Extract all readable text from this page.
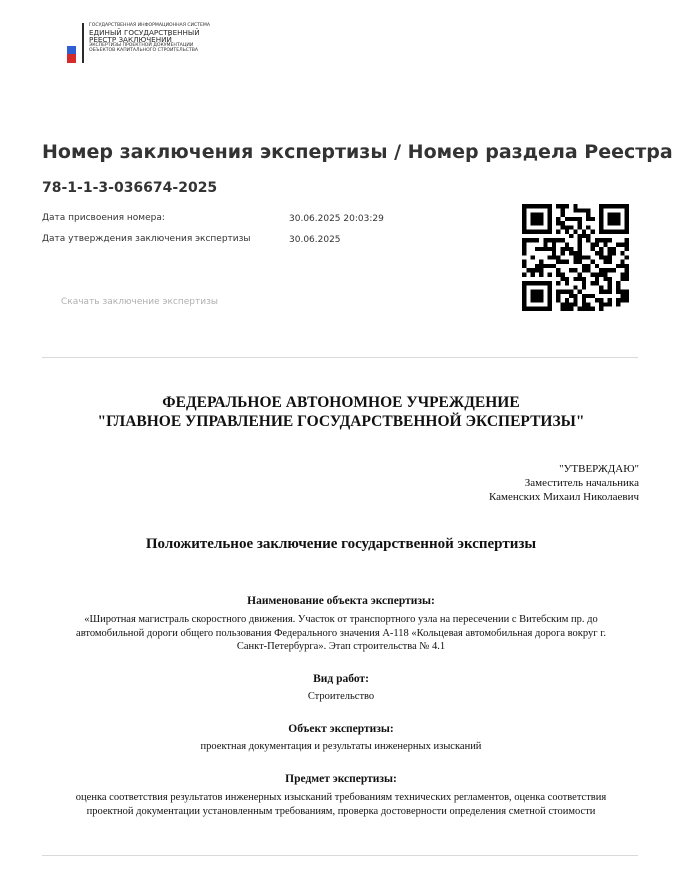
ГОСУДАРСТВЕННАЯ ИНФОРМАЦИОННАЯ СИСТЕМА
ЕДИНЫЙ ГОСУДАРСТВЕННЫЙ
РЕЕСТР ЗАКЛЮЧЕНИЙ
ЭКСПЕРТИЗЫ ПРОЕКТНОЙ ДОКУМЕНТАЦИИ
ОБЪЕКТОВ КАПИТАЛЬНОГО СТРОИТЕЛЬСТВА
Номер заключения экспертизы / Номер раздела Реестра
78-1-1-3-036674-2025
Дата присвоения номера:	30.06.2025 20:03:29
Дата утверждения заключения экспертизы	30.06.2025
Скачать заключение экспертизы
ФЕДЕРАЛЬНОЕ АВТОНОМНОЕ УЧРЕЖДЕНИЕ
"ГЛАВНОЕ УПРАВЛЕНИЕ ГОСУДАРСТВЕННОЙ ЭКСПЕРТИЗЫ"
"УТВЕРЖДАЮ"
Заместитель начальника
Каменских Михаил Николаевич
Положительное заключение государственной экспертизы
Наименование объекта экспертизы:
«Широтная магистраль скоростного движения. Участок от транспортного узла на пересечении с Витебским пр. до
автомобильной дороги общего пользования Федерального значения А-118 «Кольцевая автомобильная дорога вокруг г.
Санкт-Петербурга». Этап строительства № 4.1
Вид работ:
Строительство
Объект экспертизы:
проектная документация и результаты инженерных изысканий
Предмет экспертизы:
оценка соответствия результатов инженерных изысканий требованиям технических регламентов, оценка соответствия
проектной документации установленным требованиям, проверка достоверности определения сметной стоимости
